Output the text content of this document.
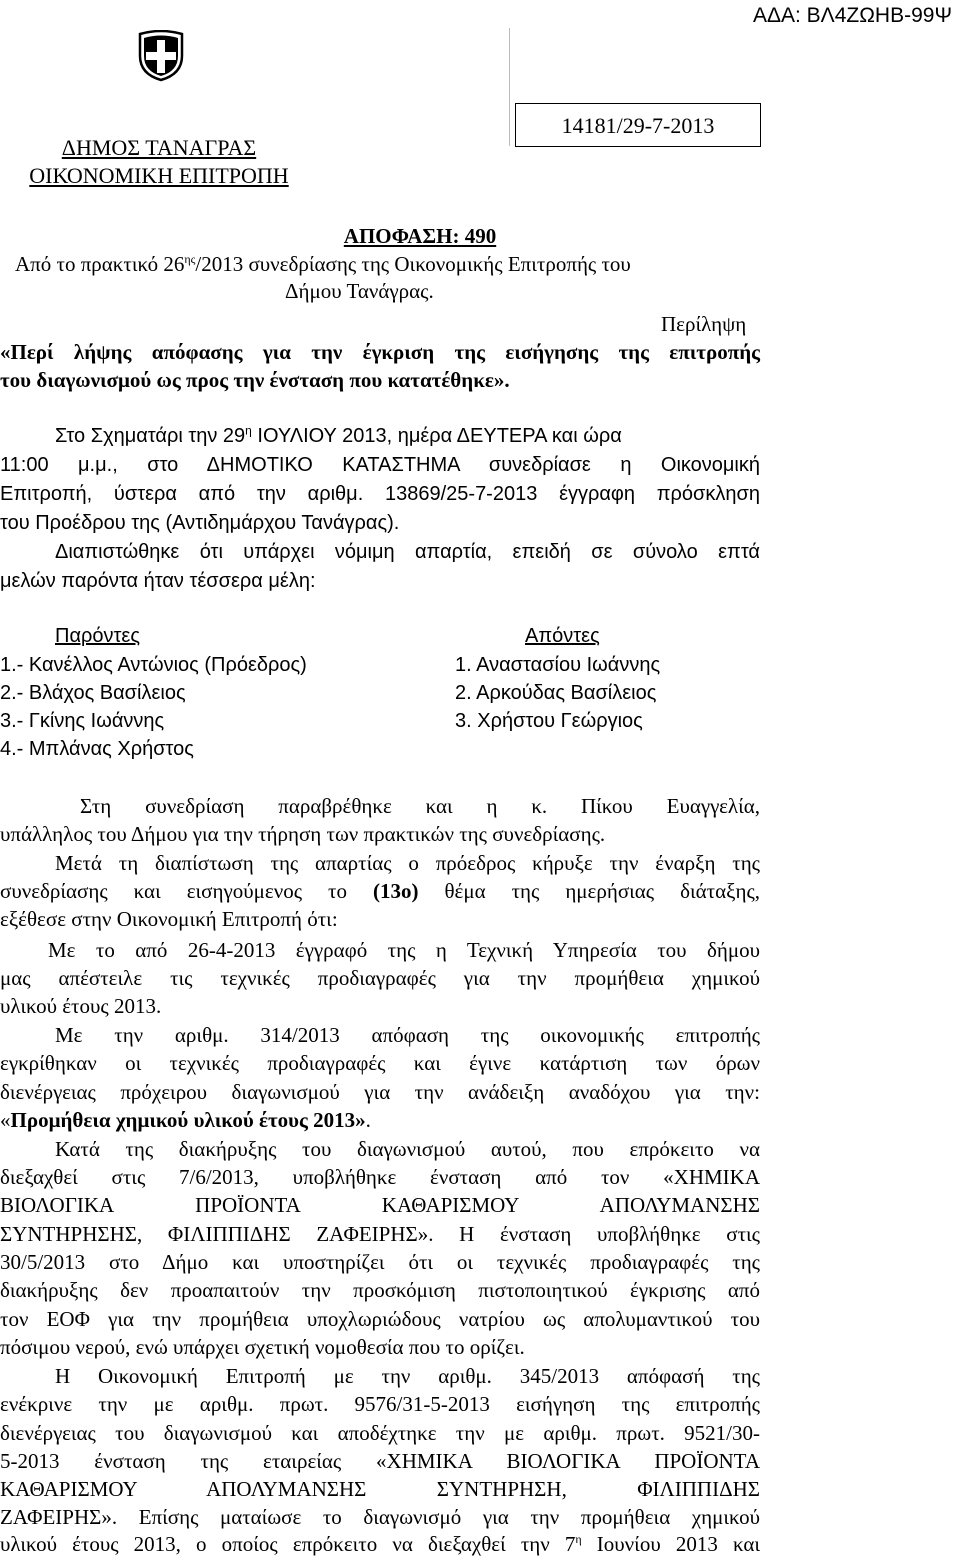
ΑΔΑ: ΒΛ4ΖΩΗΒ-99Ψ
ΔΗΜΟΣ ΤΑΝΑΓΡΑΣ
ΟΙΚΟΝΟΜΙΚΗ ΕΠΙΤΡΟΠΗ
14181/29-7-2013
ΑΠΟΦΑΣΗ: 490
Από το πρακτικό $26^{\eta\varsigma}/2013$ συνεδρίασης της Οικονομικής Επιτροπής του
Δήμου Τανάγρας.
Περίληψη
«Περί λήψης απόφασης για την έγκριση της εισήγησης της επιτροπής
του διαγωνισμού ως προς την ένσταση που κατατέθηκε».
Στο Σχηματάρι την $29^\eta$ ΙΟΥΛΙΟΥ 2013, ημέρα ΔΕΥΤΕΡΑ και ώρα
11:00 μ.μ., στο ΔΗΜΟΤΙΚΟ ΚΑΤΑΣΤΗΜΑ συνεδρίασε η Οικονομική
Επιτροπή, ύστερα από την αριθμ. 13869/25-7-2013 έγγραφη πρόσκληση
του Προέδρου της (Αντιδημάρχου Τανάγρας).
Διαπιστώθηκε ότι υπάρχει νόμιμη απαρτία, επειδή σε σύνολο επτά
μελών παρόντα ήταν τέσσερα μέλη:
Παρόντες	Απόντες
1.- Κανέλλος Αντώνιος (Πρόεδρος)
2.- Βλάχος Βασίλειος
3.- Γκίνης Ιωάννης
4.- Μπλάνας Χρήστος
1. Αναστασίου Ιωάννης
2. Αρκούδας Βασίλειος
3. Χρήστου Γεώργιος
Στη συνεδρίαση παραβρέθηκε και η κ. Πίκου Ευαγγελία,
υπάλληλος του Δήμου για την τήρηση των πρακτικών της συνεδρίασης.
Μετά τη διαπίστωση της απαρτίας ο πρόεδρος κήρυξε την έναρξη της
συνεδρίασης και εισηγούμενος το (13ο) θέμα της ημερήσιας διάταξης,
εξέθεσε στην Οικονομική Επιτροπή ότι:
Με το από 26-4-2013 έγγραφό της η Τεχνική Υπηρεσία του δήμου
μας απέστειλε τις τεχνικές προδιαγραφές για την προμήθεια χημικού
υλικού έτους 2013.
Με την αριθμ. 314/2013 απόφαση της οικονομικής επιτροπής
εγκρίθηκαν οι τεχνικές προδιαγραφές και έγινε κατάρτιση των όρων
διενέργειας πρόχειρου διαγωνισμού για την ανάδειξη αναδόχου για την:
«Προμήθεια χημικού υλικού έτους 2013».
Κατά της διακήρυξης του διαγωνισμού αυτού, που επρόκειτο να
διεξαχθεί στις 7/6/2013, υποβλήθηκε ένσταση από τον «ΧΗΜΙΚΑ
ΒΙΟΛΟΓΙΚΑ ΠΡΟΪΟΝΤΑ ΚΑΘΑΡΙΣΜΟΥ ΑΠΟΛΥΜΑΝΣΗΣ
ΣΥΝΤΗΡΗΣΗΣ, ΦΙΛΙΠΠΙΔΗΣ ΖΑΦΕΙΡΗΣ». Η ένσταση υποβλήθηκε στις
30/5/2013 στο Δήμο και υποστηρίζει ότι οι τεχνικές προδιαγραφές της
διακήρυξης δεν προαπαιτούν την προσκόμιση πιστοποιητικού έγκρισης από
τον ΕΟΦ για την προμήθεια υποχλωριώδους νατρίου ως απολυμαντικού του
πόσιμου νερού, ενώ υπάρχει σχετική νομοθεσία που το ορίζει.
Η Οικονομική Επιτροπή με την αριθμ. 345/2013 απόφασή της
ενέκρινε την με αριθμ. πρωτ. 9576/31-5-2013 εισήγηση της επιτροπής
διενέργειας του διαγωνισμού και αποδέχτηκε την με αριθμ. πρωτ. 9521/30-
5-2013 ένσταση της εταιρείας «ΧΗΜΙΚΑ ΒΙΟΛΟΓΙΚΑ ΠΡΟΪΟΝΤΑ
ΚΑΘΑΡΙΣΜΟΥ ΑΠΟΛΥΜΑΝΣΗΣ ΣΥΝΤΗΡΗΣΗ, ΦΙΛΙΠΠΙΔΗΣ
ΖΑΦΕΙΡΗΣ». Επίσης ματαίωσε το διαγωνισμό για την προμήθεια χημικού
υλικού έτους 2013, ο οποίος επρόκειτο να διεξαχθεί την $7^\eta$ Ιουνίου 2013 και
